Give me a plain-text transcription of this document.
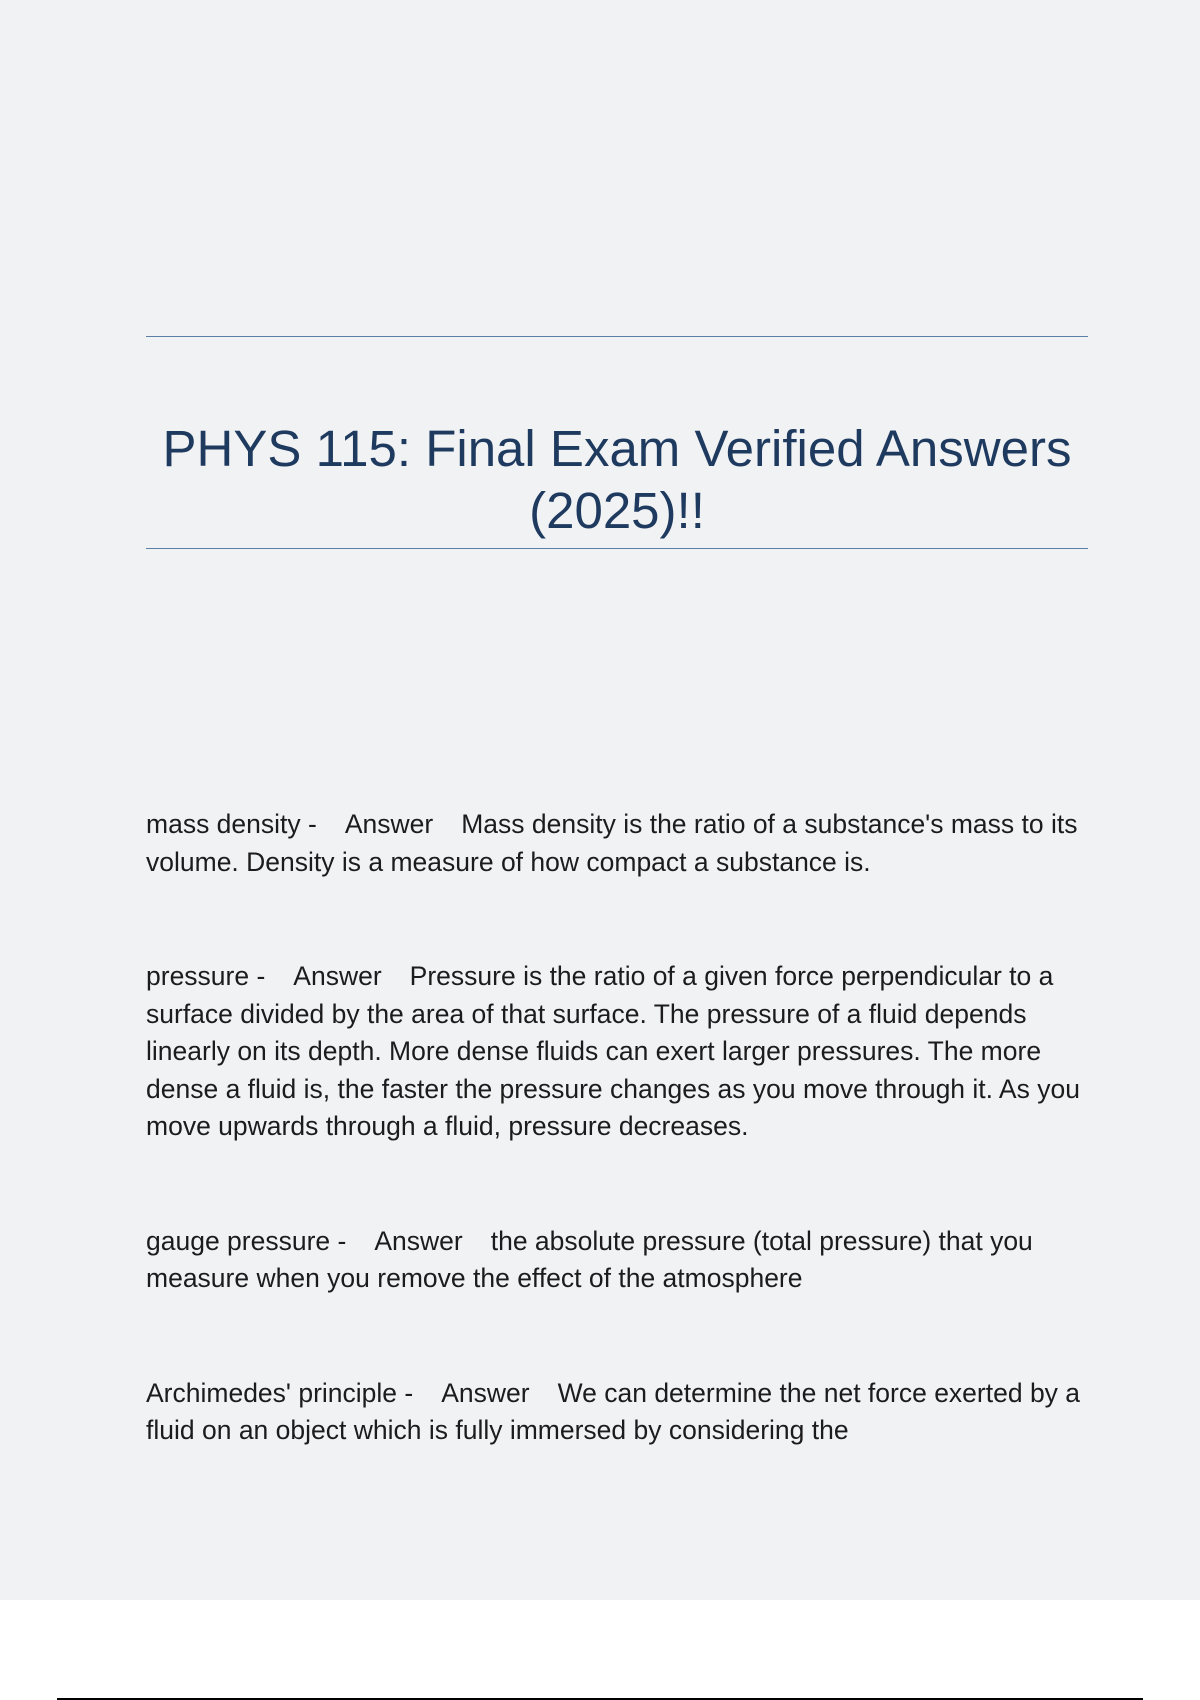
PHYS 115: Final Exam Verified Answers (2025)!!

mass density - Answer Mass density is the ratio of a substance's mass to its volume. Density is a measure of how compact a substance is.

pressure - Answer Pressure is the ratio of a given force perpendicular to a surface divided by the area of that surface. The pressure of a fluid depends linearly on its depth. More dense fluids can exert larger pressures. The more dense a fluid is, the faster the pressure changes as you move through it. As you move upwards through a fluid, pressure decreases.

gauge pressure - Answer the absolute pressure (total pressure) that you measure when you remove the effect of the atmosphere

Archimedes' principle - Answer We can determine the net force exerted by a fluid on an object which is fully immersed by considering the
